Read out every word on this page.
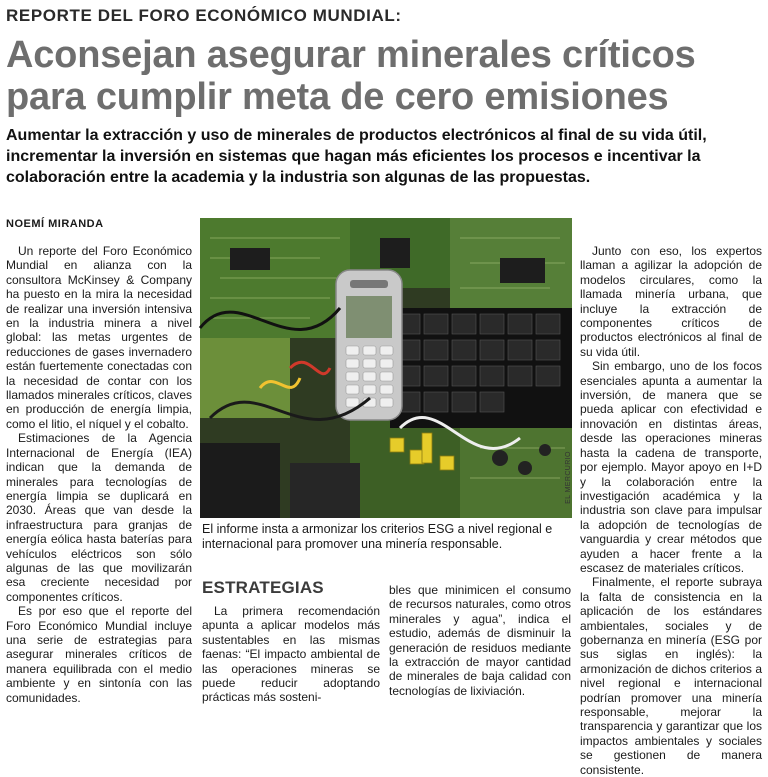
REPORTE DEL FORO ECONÓMICO MUNDIAL:
Aconsejan asegurar minerales críticos para cumplir meta de cero emisiones
Aumentar la extracción y uso de minerales de productos electrónicos al final de su vida útil, incrementar la inversión en sistemas que hagan más eficientes los procesos e incentivar la colaboración entre la academia y la industria son algunas de las propuestas.
NOEMÍ MIRANDA

Un reporte del Foro Económico Mundial en alianza con la consultora McKinsey & Company ha puesto en la mira la necesidad de realizar una inversión intensiva en la industria minera a nivel global: las metas urgentes de reducciones de gases invernadero están fuertemente conectadas con la necesidad de contar con los llamados minerales críticos, claves en producción de energía limpia, como el litio, el níquel y el cobalto.

Estimaciones de la Agencia Internacional de Energía (IEA) indican que la demanda de minerales para tecnologías de energía limpia se duplicará en 2030. Áreas que van desde la infraestructura para granjas de energía eólica hasta baterías para vehículos eléctricos son sólo algunas de las que movilizarán esa creciente necesidad por componentes críticos.

Es por eso que el reporte del Foro Económico Mundial incluye una serie de estrategias para asegurar minerales críticos de manera equilibrada con el medio ambiente y en sintonía con las comunidades.

EL MERCURIO
El informe insta a armonizar los criterios ESG a nivel regional e internacional para promover una minería responsable.
ESTRATEGIAS

La primera recomendación apunta a aplicar modelos más sustentables en las mismas faenas: “El impacto ambiental de las operaciones mineras se puede reducir adoptando prácticas más sosteni-

bles que minimicen el consumo de recursos naturales, como otros minerales y agua”, indica el estudio, además de disminuir la generación de residuos mediante la extracción de mayor cantidad de minerales de baja calidad con tecnologías de lixiviación.

Junto con eso, los expertos llaman a agilizar la adopción de modelos circulares, como la llamada minería urbana, que incluye la extracción de componentes críticos de productos electrónicos al final de su vida útil.

Sin embargo, uno de los focos esenciales apunta a aumentar la inversión, de manera que se pueda aplicar con efectividad e innovación en distintas áreas, desde las operaciones mineras hasta la cadena de transporte, por ejemplo. Mayor apoyo en I+D y la colaboración entre la investigación académica y la industria son clave para impulsar la adopción de tecnologías de vanguardia y crear métodos que ayuden a hacer frente a la escasez de materiales críticos.

Finalmente, el reporte subraya la falta de consistencia en la aplicación de los estándares ambientales, sociales y de gobernanza en minería (ESG por sus siglas en inglés): la armonización de dichos criterios a nivel regional e internacional podrían promover una minería responsable, mejorar la transparencia y garantizar que los impactos ambientales y sociales se gestionen de manera consistente.
